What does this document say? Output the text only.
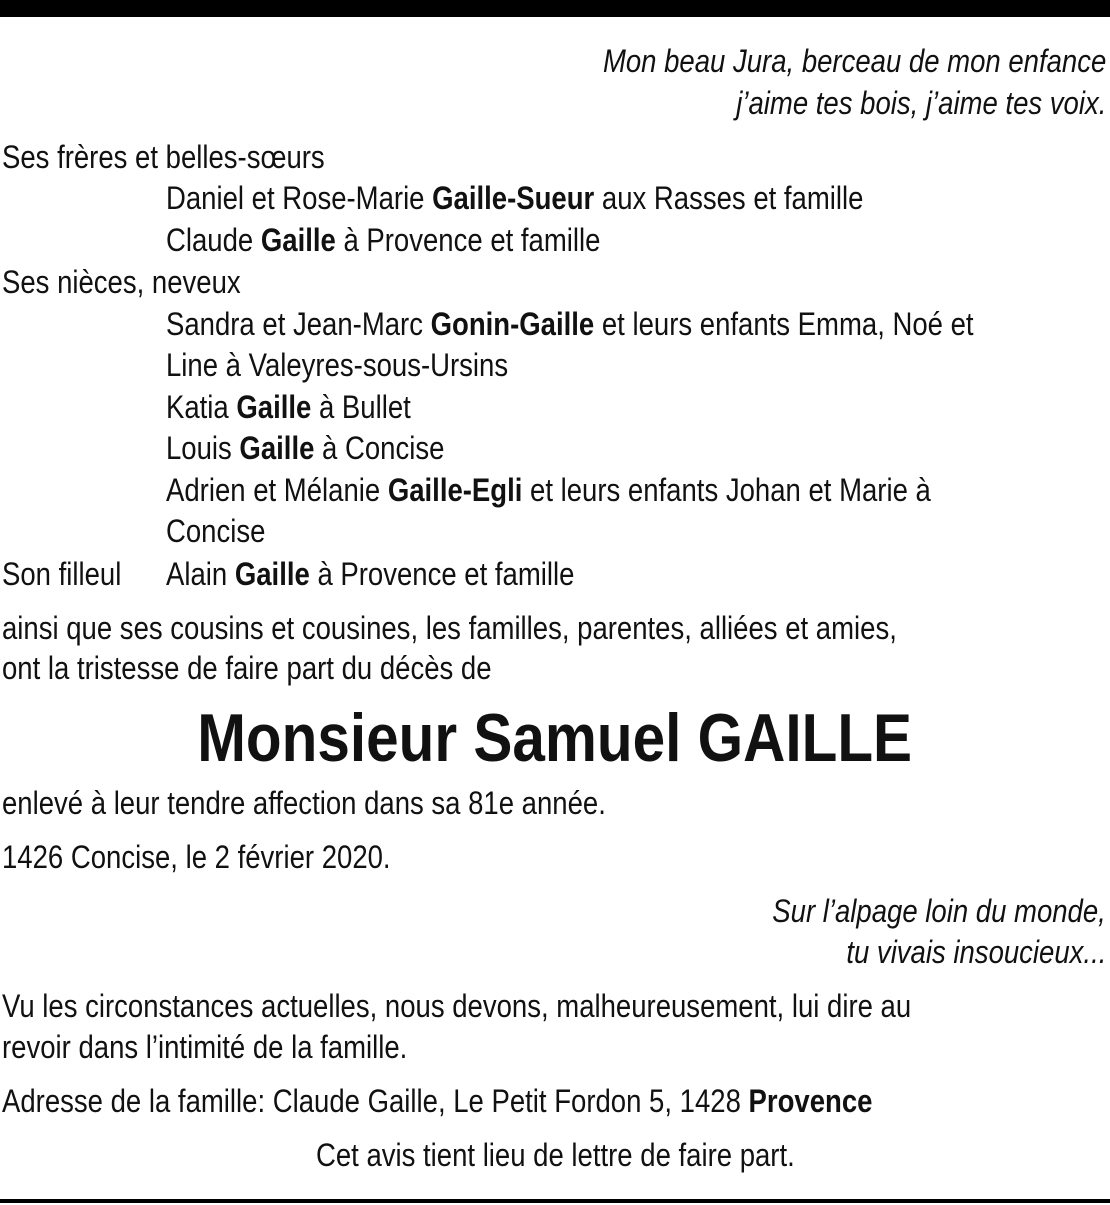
Mon beau Jura, berceau de mon enfance
j’aime tes bois, j’aime tes voix.
Ses frères et belles-sœurs
Daniel et Rose-Marie Gaille-Sueur aux Rasses et famille
Claude Gaille à Provence et famille
Ses nièces, neveux
Sandra et Jean-Marc Gonin-Gaille et leurs enfants Emma, Noé et
Line à Valeyres-sous-Ursins
Katia Gaille à Bullet
Louis Gaille à Concise
Adrien et Mélanie Gaille-Egli et leurs enfants Johan et Marie à
Concise
Son filleul Alain Gaille à Provence et famille
ainsi que ses cousins et cousines, les familles, parentes, alliées et amies,
ont la tristesse de faire part du décès de
Monsieur Samuel GAILLE
enlevé à leur tendre affection dans sa 81e année.
1426 Concise, le 2 février 2020.
Sur l’alpage loin du monde,
tu vivais insoucieux...
Vu les circonstances actuelles, nous devons, malheureusement, lui dire au
revoir dans l’intimité de la famille.
Adresse de la famille: Claude Gaille, Le Petit Fordon 5, 1428 Provence
Cet avis tient lieu de lettre de faire part.
